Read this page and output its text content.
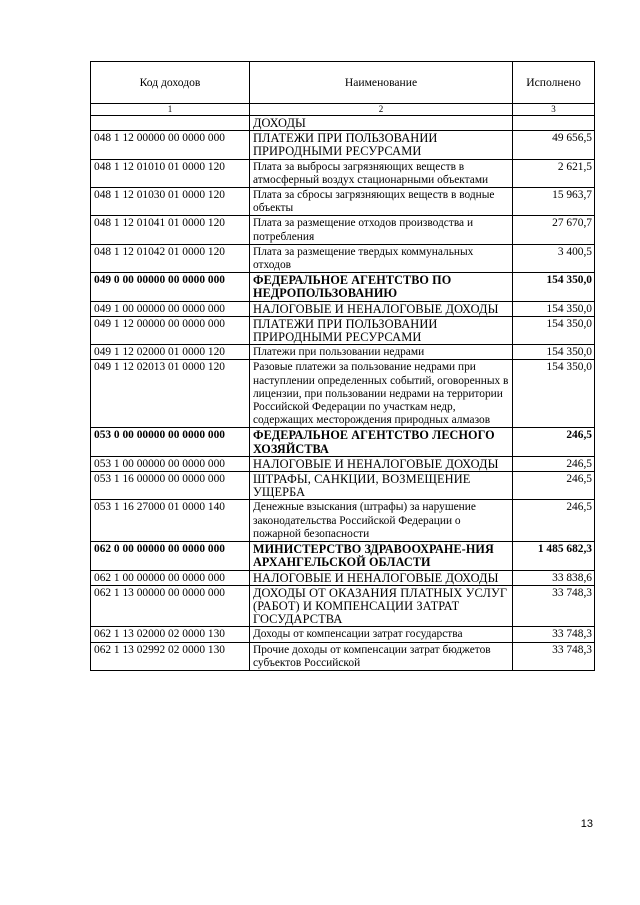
Код доходов	Наименование	Исполнено
1	2	3
	ДОХОДЫ	
048 1 12 00000 00 0000 000	ПЛАТЕЖИ ПРИ ПОЛЬЗОВАНИИ ПРИРОДНЫМИ РЕСУРСАМИ	49 656,5
048 1 12 01010 01 0000 120	Плата за выбросы загрязняющих веществ в атмосферный воздух стационарными объектами	2 621,5
048 1 12 01030 01 0000 120	Плата за сбросы загрязняющих веществ в водные объекты	15 963,7
048 1 12 01041 01 0000 120	Плата за размещение отходов производства и потребления	27 670,7
048 1 12 01042 01 0000 120	Плата за размещение твердых коммунальных отходов	3 400,5
049 0 00 00000 00 0000 000	ФЕДЕРАЛЬНОЕ АГЕНТСТВО ПО НЕДРОПОЛЬЗОВАНИЮ	154 350,0
049 1 00 00000 00 0000 000	НАЛОГОВЫЕ И НЕНАЛОГОВЫЕ ДОХОДЫ	154 350,0
049 1 12 00000 00 0000 000	ПЛАТЕЖИ ПРИ ПОЛЬЗОВАНИИ ПРИРОДНЫМИ РЕСУРСАМИ	154 350,0
049 1 12 02000 01 0000 120	Платежи при пользовании недрами	154 350,0
049 1 12 02013 01 0000 120	Разовые платежи за пользование недрами при наступлении определенных событий, оговоренных в лицензии, при пользовании недрами на территории Российской Федерации по участкам недр, содержащих месторождения природных алмазов	154 350,0
053 0 00 00000 00 0000 000	ФЕДЕРАЛЬНОЕ АГЕНТСТВО ЛЕСНОГО ХОЗЯЙСТВА	246,5
053 1 00 00000 00 0000 000	НАЛОГОВЫЕ И НЕНАЛОГОВЫЕ ДОХОДЫ	246,5
053 1 16 00000 00 0000 000	ШТРАФЫ, САНКЦИИ, ВОЗМЕЩЕНИЕ УЩЕРБА	246,5
053 1 16 27000 01 0000 140	Денежные взыскания (штрафы) за нарушение законодательства Российской Федерации о пожарной безопасности	246,5
062 0 00 00000 00 0000 000	МИНИСТЕРСТВО ЗДРАВООХРАНЕ-НИЯ АРХАНГЕЛЬСКОЙ ОБЛАСТИ	1 485 682,3
062 1 00 00000 00 0000 000	НАЛОГОВЫЕ И НЕНАЛОГОВЫЕ ДОХОДЫ	33 838,6
062 1 13 00000 00 0000 000	ДОХОДЫ ОТ ОКАЗАНИЯ ПЛАТНЫХ УСЛУГ (РАБОТ) И КОМПЕНСАЦИИ ЗАТРАТ ГОСУДАРСТВА	33 748,3
062 1 13 02000 02 0000 130	Доходы от компенсации затрат государства	33 748,3
062 1 13 02992 02 0000 130	Прочие доходы от компенсации затрат бюджетов субъектов Российской	33 748,3
13
